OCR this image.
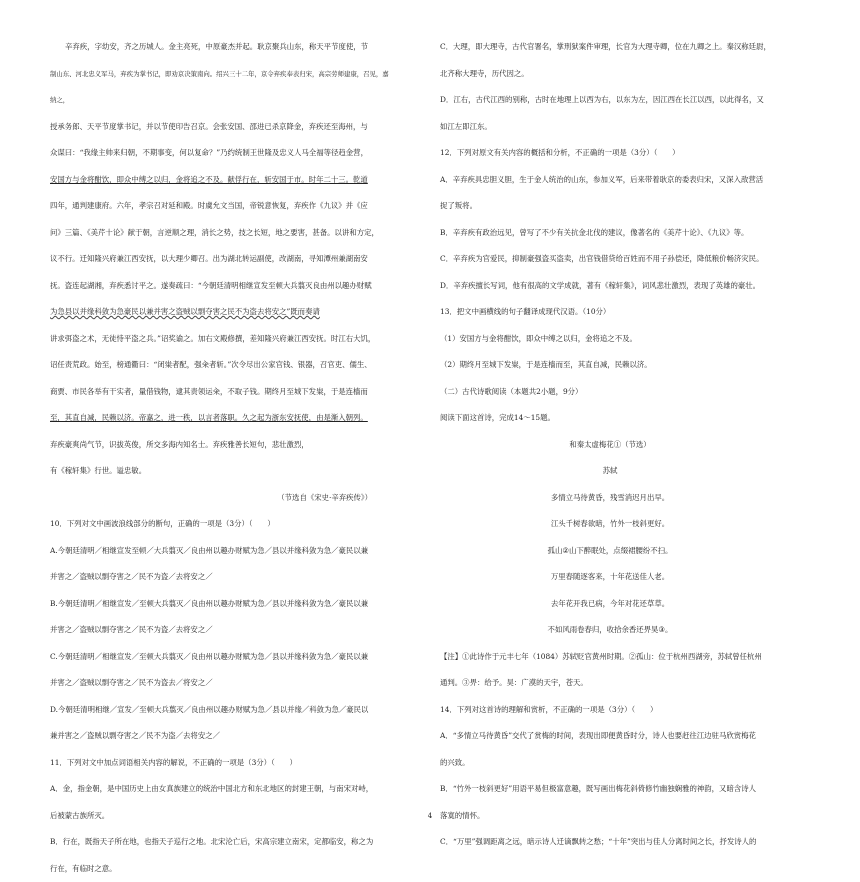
辛弃疾，字幼安，齐之历城人。金主亮死，中原豪杰并起。耿京聚兵山东，称天平节度使，节

制山东、河北忠义军马，弃疾为掌书记，即劝京决策南向。绍兴三十二年，京令弃疾奉表归宋，高宗劳师建康，召见，嘉纳之，

授承务郎、天平节度掌书记，并以节使印告召京。会张安国、邵进已杀京降金，弃疾还至海州，与

众谋曰：“我缘主帅来归朝，不期事变，何以复命？”乃约统制王世隆及忠义人马全福等径趋金营，

安国方与金将酣饮，即众中缚之以归，金将追之不及。献俘行在，斩安国于市。时年二十三。乾道

四年，通判建康府。六年，孝宗召对延和殿。时虞允文当国，帝锐意恢复，弃疾作《九议》并《应

问》三篇、《美芹十论》献于朝，言逆顺之理，消长之势，技之长短，地之要害，甚备。以讲和方定，

议不行。迁知隆兴府兼江西安抚，以大理少卿召。出为湖北转运副使，改湖南，寻知潭州兼湖南安

抚。盗连起湖湘，弃疾悉讨平之。遂奏疏曰：“今朝廷清明相继宣发至顿大兵翦灭良由州以趣办财赋

为急县以并缘科敛为急豪民以兼并害之盗贼以剽夺害之民不为盗去将安之”既而奏请

讲求弭盗之术，无徒恃平盗之兵。”诏奖谕之。加右文殿修撰，差知隆兴府兼江西安抚。时江右大饥，

诏任责荒政。始至，榜通衢曰：“闭粜者配，强籴者斩。”次令尽出公家官钱、银器，召官吏、儒生、

商贾、市民各举有干实者，量借钱物，逮其责领运籴，不取子钱。期终月至城下发粜，于是连樯而

至，其直自减，民赖以济。帝嘉之，进一秩，以言者落职。久之起为浙东安抚使，由是渐入朝列。

弃疾豪爽尚气节，识拔英俊，所交多海内知名士。弃疾雅善长短句，悲壮激烈，

有《稼轩集》行世。谥忠敏。

（节选自《宋史·辛弃疾传》）

10．下列对文中画波浪线部分的断句，正确的一项是（3分）（　　）

A.今朝廷清明／相继宣发至顿／大兵翦灭／良由州以趣办财赋为急／县以并缘科敛为急／豪民以兼

并害之／盗贼以剽夺害之／民不为盗／去将安之／

B.今朝廷清明／相继宣发／至顿大兵翦灭／良由州以趣办财赋为急／县以并缘科敛为急／豪民以兼

并害之／盗贼以剽夺害之／民不为盗／去将安之／

C.今朝廷清明／相继宣发／至顿大兵翦灭／良由州以趣办财赋为急／县以并缘科敛为急／豪民以兼

并害之／盗贼以剽夺害之／民不为盗去／将安之／

D.今朝廷清明相继／宣发／至顿大兵翦灭／良由州以趣办财赋为急／县以并缘／科敛为急／豪民以

兼并害之／盗贼以剽夺害之／民不为盗／去将安之／

11．下列对文中加点词语相关内容的解说，不正确的一项是（3分）（　　）

A．金，指金朝，是中国历史上由女真族建立的统治中国北方和东北地区的封建王朝，与南宋对峙，

后被蒙古族所灭。

B．行在，既指天子所在地，也指天子巡行之地。北宋沦亡后，宋高宗建立南宋，定都临安，称之为

行在，有临时之意。

C．大理，即大理寺，古代官署名，掌刑狱案件审理，长官为大理寺卿，位在九卿之上。秦汉称廷尉，

北齐称大理寺，历代因之。

D．江右，古代江西的别称，古时在地理上以西为右，以东为左，因江西在长江以西，以此得名，又

如江左即江东。

12．下列对原文有关内容的概括和分析，不正确的一项是（3分）（　　）

A．辛弃疾具忠胆义胆，生于金人统治的山东，参加义军，后来带着耿京的委表归宋，又深入敌营活

捉了叛将。

B．辛弃疾有政治远见，曾写了不少有关抗金北伐的建议，像著名的《美芹十论》、《九议》等。

C．辛弃疾为官爱民，抑制豪强盗买盗卖，出官钱借贷给百姓而不用子孙偿还，降低粮价畅济灾民。

D．辛弃疾擅长写词，他有很高的文学成就，著有《稼轩集》，词风悲壮激烈，表现了英雄的豪壮。

13．把文中画横线的句子翻译成现代汉语。（10分）

（1）安国方与金将酣饮，即众中缚之以归，金将追之不及。

（2）期终月至城下发粜，于是连樯而至，其直自减，民赖以济。

（二）古代诗歌阅读（本题共2小题，9分）

阅读下面这首诗，完成14～15题。

和秦太虚梅花①（节选）

苏轼

多情立马待黄昏，残雪消迟月出早。

江头千树春欲暗，竹外一枝斜更好。

孤山②山下醉眠处，点缀裙腰纷不扫。

万里春随逐客来，十年花送佳人老。

去年花开我已病，今年对花还草草。

不如风雨卷春归，收拾余香还畀昊③。

【注】①此诗作于元丰七年（1084）苏轼贬官黄州时期。②孤山：位于杭州西湖旁，苏轼曾任杭州

通判。③畀：给予。昊：广漠的天宇，苍天。

14．下列对这首诗的理解和赏析，不正确的一项是（3分）（　　）

A．“多情立马待黄昏”交代了赏梅的时间，表现出即便黄昏时分，诗人也要赶往江边驻马欣赏梅花

的兴致。

B．“竹外一枝斜更好”用语平易但极富意趣，既写画出梅花斜倚修竹幽独娴雅的神韵，又暗含诗人

落寞的情怀。

C．“万里”强调距离之远，暗示诗人迁谪飘转之愁；“十年”突出与佳人分离时间之长，抒发诗人的

4
